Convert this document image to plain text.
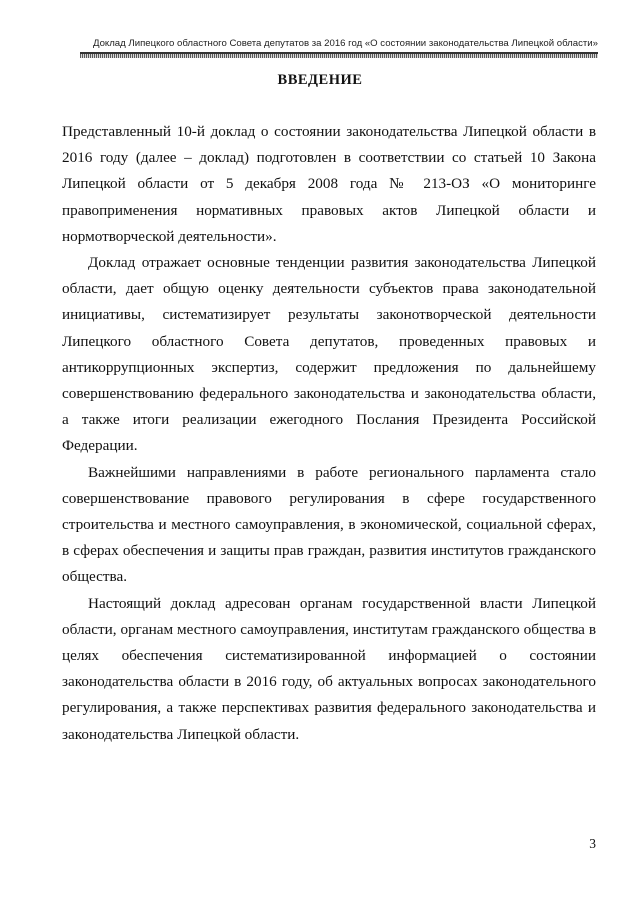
Доклад Липецкого областного Совета депутатов за 2016 год «О состоянии законодательства Липецкой области»
ВВЕДЕНИЕ

Представленный 10-й доклад о состоянии законодательства Липецкой области в 2016 году (далее – доклад) подготовлен в соответствии со статьей 10 Закона Липецкой области от 5 декабря 2008 года № 213-ОЗ «О мониторинге правоприменения нормативных правовых актов Липецкой области и нормотворческой деятельности».

Доклад отражает основные тенденции развития законодательства Липецкой области, дает общую оценку деятельности субъектов права законодательной инициативы, систематизирует результаты законотворческой деятельности Липецкого областного Совета депутатов, проведенных правовых и антикоррупционных экспертиз, содержит предложения по дальнейшему совершенствованию федерального законодательства и законодательства области, а также итоги реализации ежегодного Послания Президента Российской Федерации.

Важнейшими направлениями в работе регионального парламента стало совершенствование правового регулирования в сфере государственного строительства и местного самоуправления, в экономической, социальной сферах, в сферах обеспечения и защиты прав граждан, развития институтов гражданского общества.

Настоящий доклад адресован органам государственной власти Липецкой области, органам местного самоуправления, институтам гражданского общества в целях обеспечения систематизированной информацией о состоянии законодательства области в 2016 году, об актуальных вопросах законодательного регулирования, а также перспективах развития федерального законодательства и законодательства Липецкой области.

3
